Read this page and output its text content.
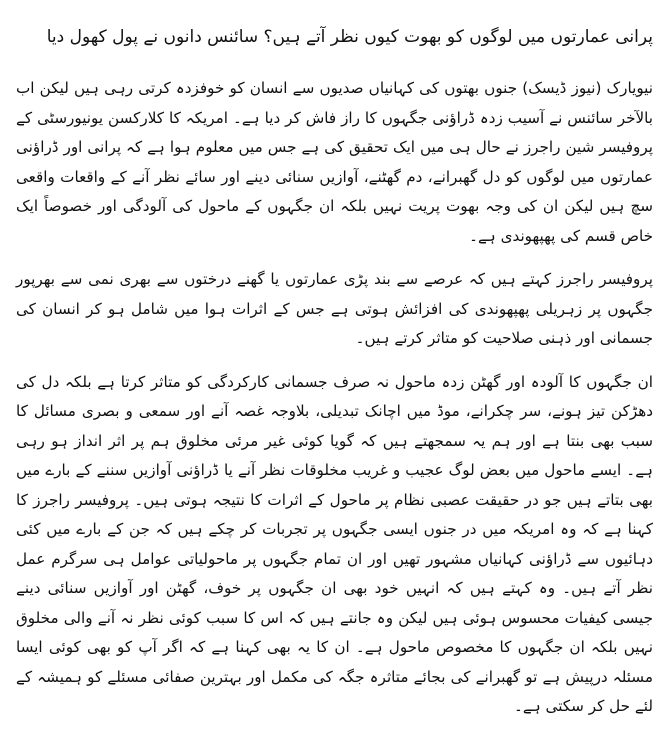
پرانی عمارتوں میں لوگوں کو بھوت کیوں نظر آتے ہیں؟ سائنس دانوں نے پول کھول دیا

نیویارک (نیوز ڈیسک) جنوں بھتوں کی کہانیاں صدیوں سے انسان کو خوفزدہ کرتی رہی ہیں لیکن اب بالآخر سائنس نے آسیب زدہ ڈراؤنی جگہوں کا راز فاش کر دیا ہے۔ امریکہ کا کلارکسن یونیورسٹی کے پروفیسر شین راجرز نے حال ہی میں ایک تحقیق کی ہے جس میں معلوم ہوا ہے کہ پرانی اور ڈراؤنی عمارتوں میں لوگوں کو دل گھبرانے، دم گھٹنے، آوازیں سنائی دینے اور سائے نظر آنے کے واقعات واقعی سچ ہیں لیکن ان کی وجہ بھوت پریت نہیں بلکہ ان جگہوں کے ماحول کی آلودگی اور خصوصاً ایک خاص قسم کی پھپھوندی ہے۔

پروفیسر راجرز کہتے ہیں کہ عرصے سے بند پڑی عمارتوں یا گھنے درختوں سے بھری نمی سے بھرپور جگہوں پر زہریلی پھپھوندی کی افزائش ہوتی ہے جس کے اثرات ہوا میں شامل ہو کر انسان کی جسمانی اور ذہنی صلاحیت کو متاثر کرتے ہیں۔

ان جگہوں کا آلودہ اور گھٹن زدہ ماحول نہ صرف جسمانی کارکردگی کو متاثر کرتا ہے بلکہ دل کی دھڑکن تیز ہونے، سر چکرانے، موڈ میں اچانک تبدیلی، بلاوجہ غصہ آنے اور سمعی و بصری مسائل کا سبب بھی بنتا ہے اور ہم یہ سمجھتے ہیں کہ گویا کوئی غیر مرئی مخلوق ہم پر اثر انداز ہو رہی ہے۔ ایسے ماحول میں بعض لوگ عجیب و غریب مخلوقات نظر آنے یا ڈراؤنی آوازیں سننے کے بارے میں بھی بتاتے ہیں جو در حقیقت عصبی نظام پر ماحول کے اثرات کا نتیجہ ہوتی ہیں۔ پروفیسر راجرز کا کہنا ہے کہ وہ امریکہ میں در جنوں ایسی جگہوں پر تجربات کر چکے ہیں کہ جن کے بارے میں کئی دہائیوں سے ڈراؤنی کہانیاں مشہور تھیں اور ان تمام جگہوں پر ماحولیاتی عوامل ہی سرگرم عمل نظر آتے ہیں۔ وہ کہتے ہیں کہ انہیں خود بھی ان جگہوں پر خوف، گھٹن اور آوازیں سنائی دینے جیسی کیفیات محسوس ہوئی ہیں لیکن وہ جانتے ہیں کہ اس کا سبب کوئی نظر نہ آنے والی مخلوق نہیں بلکہ ان جگہوں کا مخصوص ماحول ہے۔ ان کا یہ بھی کہنا ہے کہ اگر آپ کو بھی کوئی ایسا مسئلہ درپیش ہے تو گھبرانے کی بجائے متاثرہ جگہ کی مکمل اور بہترین صفائی مسئلے کو ہمیشہ کے لئے حل کر سکتی ہے۔
